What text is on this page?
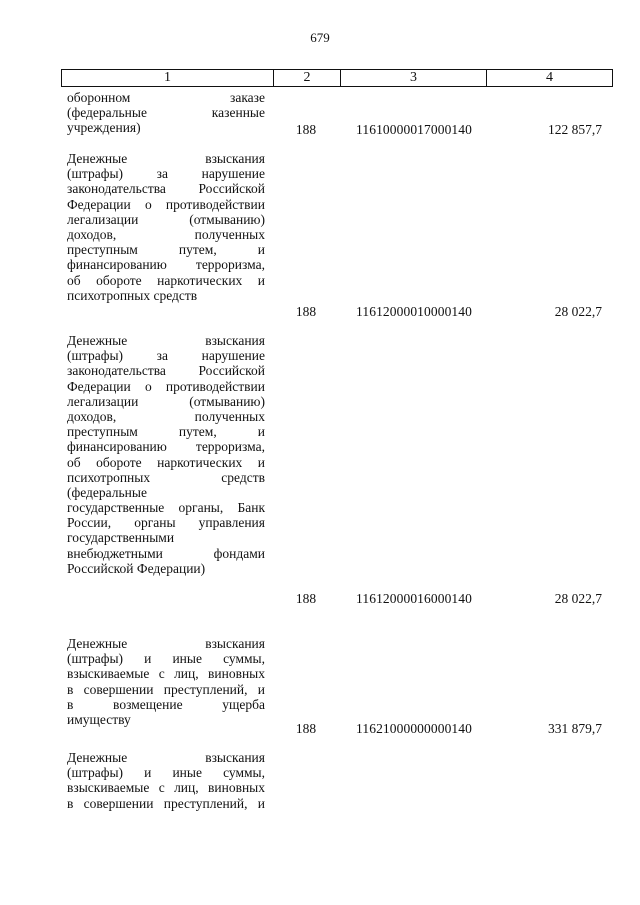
679
1	2	3	4
оборонном заказе
(федеральные казенные
учреждения)	188	11610000017000140	122 857,7
Денежные взыскания
(штрафы) за нарушение
законодательства Российской
Федерации о противодействии
легализации (отмыванию)
доходов, полученных
преступным путем, и
финансированию терроризма,
об обороте наркотических и
психотропных средств
188	11612000010000140	28 022,7
Денежные взыскания
(штрафы) за нарушение
законодательства Российской
Федерации о противодействии
легализации (отмыванию)
доходов, полученных
преступным путем, и
финансированию терроризма,
об обороте наркотических и
психотропных средств
(федеральные
государственные органы, Банк
России, органы управления
государственными
внебюджетными фондами
Российской Федерации)
188	11612000016000140	28 022,7
Денежные взыскания
(штрафы) и иные суммы,
взыскиваемые с лиц, виновных
в совершении преступлений, и
в возмещение ущерба
имуществу
188	11621000000000140	331 879,7
Денежные взыскания
(штрафы) и иные суммы,
взыскиваемые с лиц, виновных
в совершении преступлений, и
